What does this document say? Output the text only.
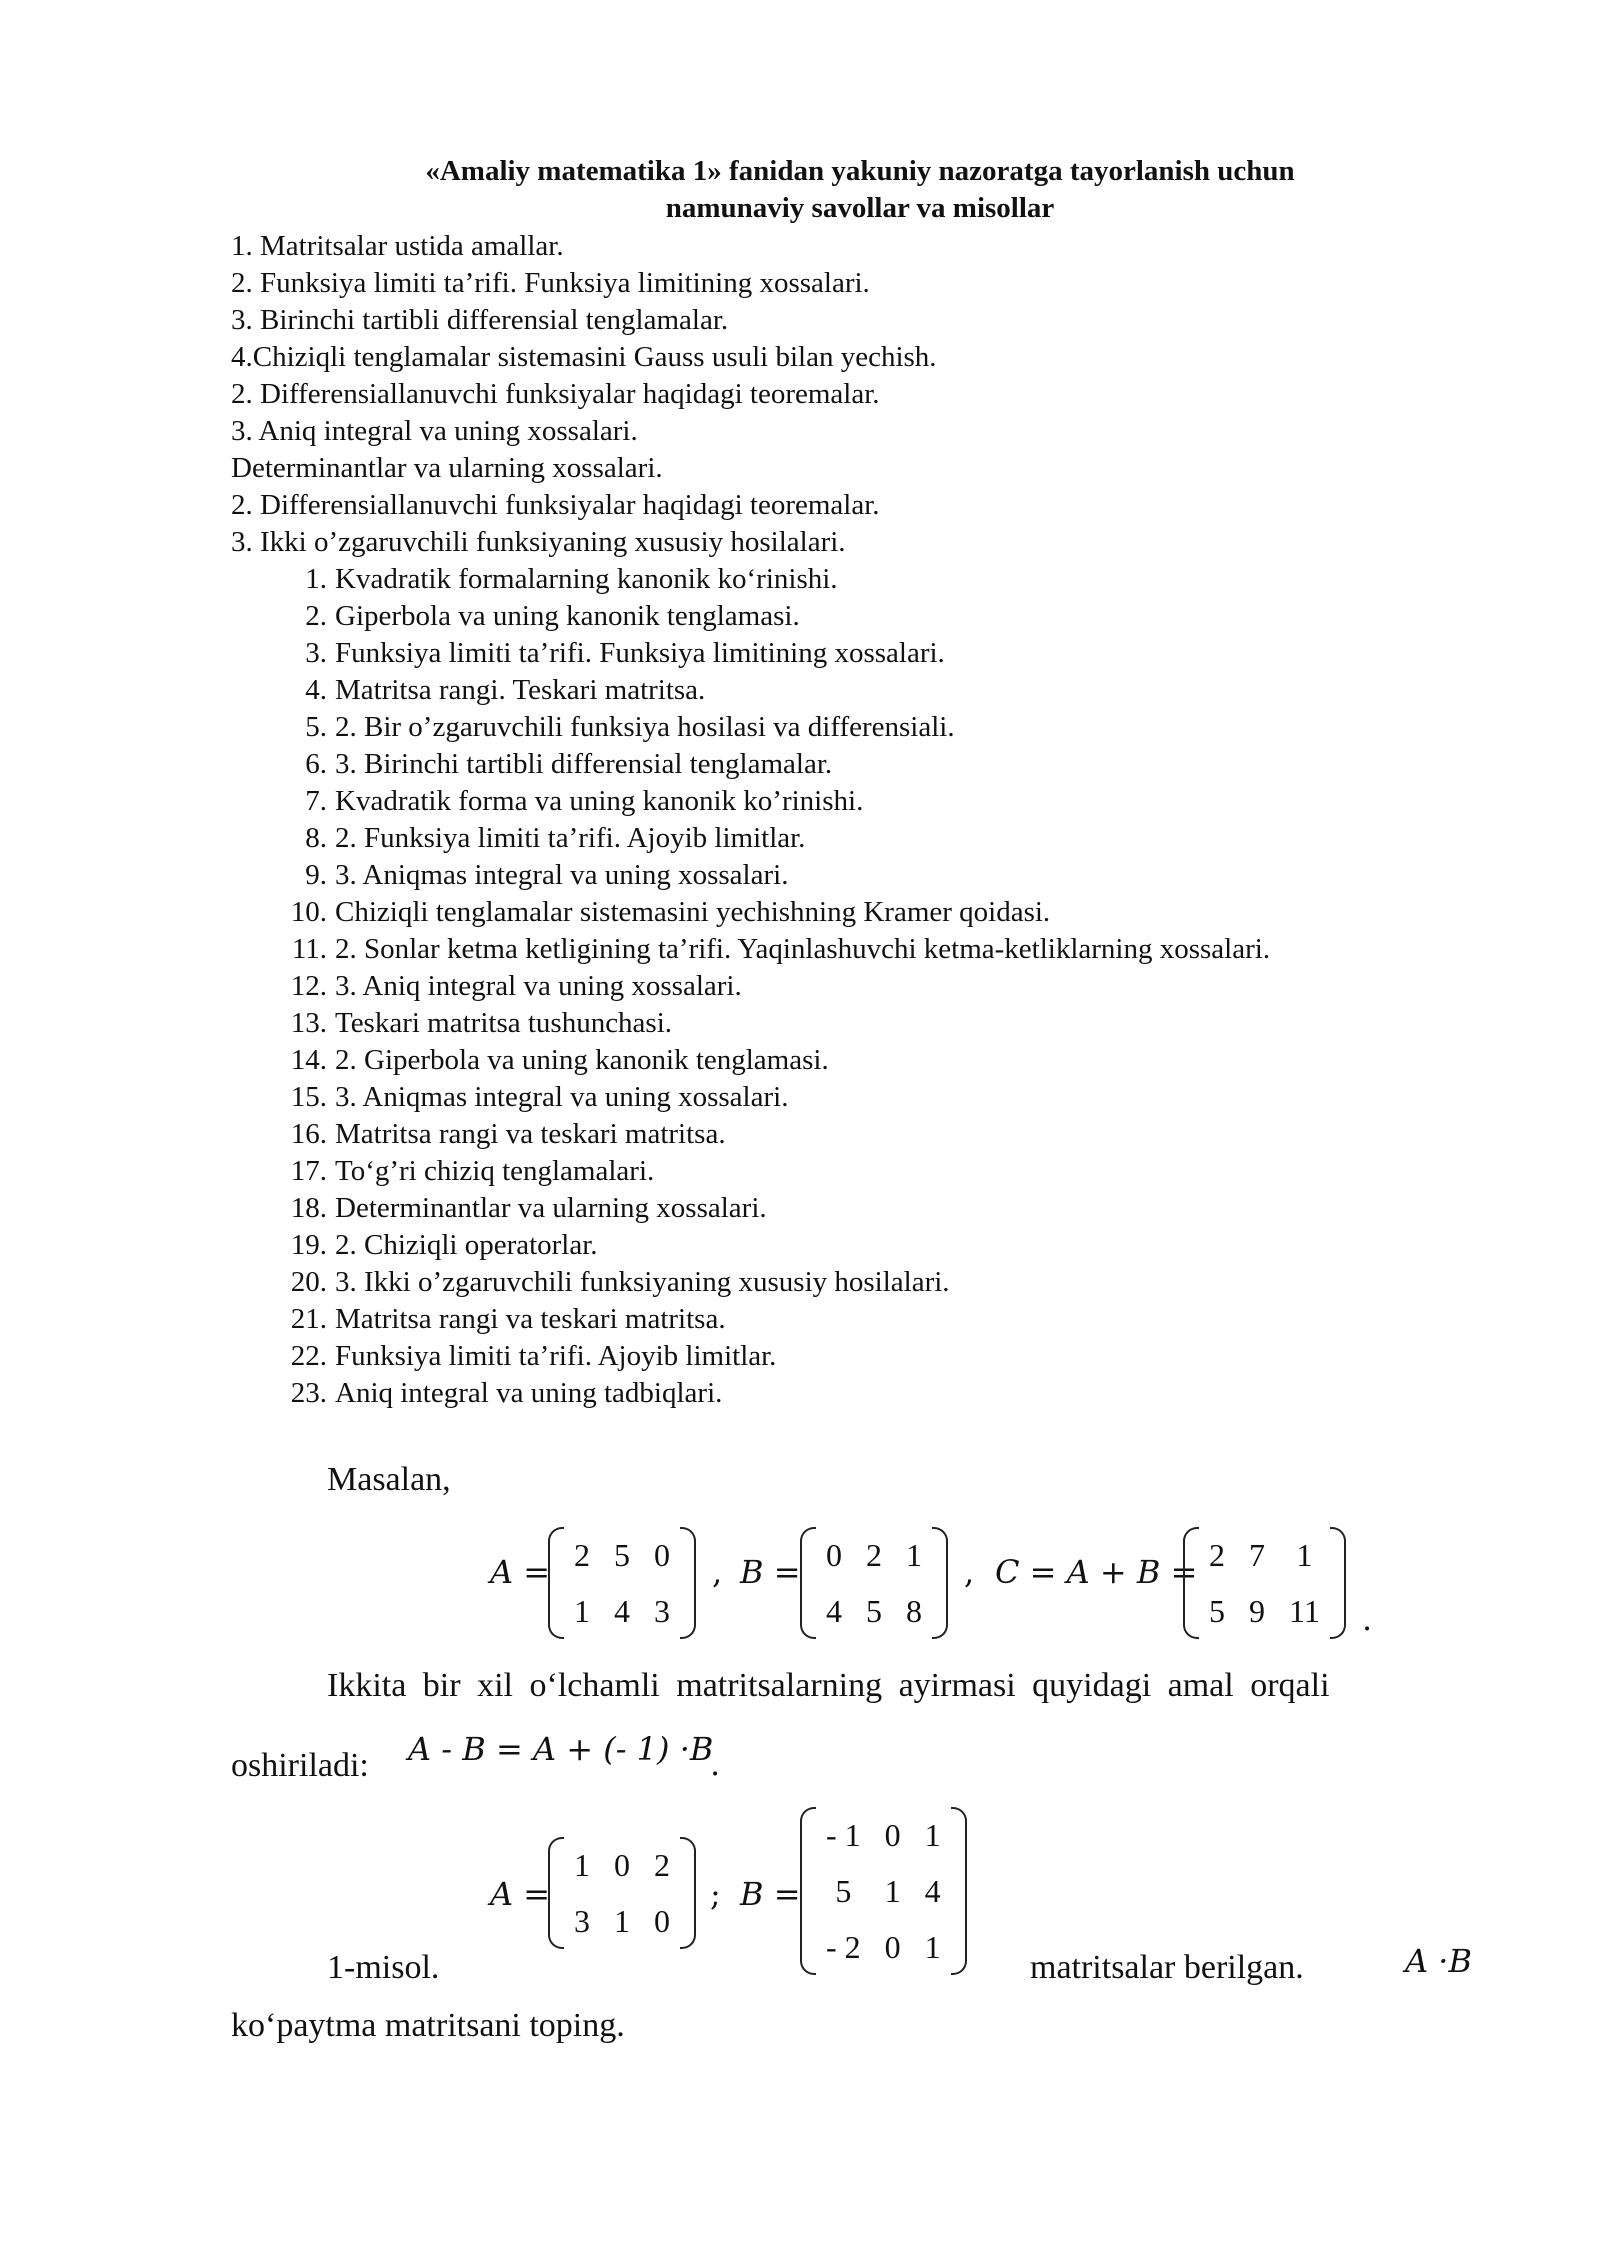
«Amaliy matematika 1» fanidan yakuniy nazoratga tayorlanish uchun
namunaviy savollar va misollar
1. Matritsalar ustida amallar.
2. Funksiya limiti ta’rifi. Funksiya limitining xossalari.
3. Birinchi tartibli differensial tenglamalar.
4.Chiziqli tenglamalar sistemasini Gauss usuli bilan yechish.
2. Differensiallanuvchi funksiyalar haqidagi teoremalar.
3. Aniq integral va uning xossalari.
Determinantlar va ularning xossalari.
2. Differensiallanuvchi funksiyalar haqidagi teoremalar.
3. Ikki o’zgaruvchili funksiyaning xususiy hosilalari.
1. Kvadratik formalarning kanonik ko‘rinishi.
2. Giperbola va uning kanonik tenglamasi.
3. Funksiya limiti ta’rifi. Funksiya limitining xossalari.
4. Matritsa rangi. Teskari matritsa.
5. 2. Bir o’zgaruvchili funksiya hosilasi va differensiali.
6. 3. Birinchi tartibli differensial tenglamalar.
7. Kvadratik forma va uning kanonik ko’rinishi.
8. 2. Funksiya limiti ta’rifi. Ajoyib limitlar.
9. 3. Aniqmas integral va uning xossalari.
10. Chiziqli tenglamalar sistemasini yechishning Kramer qoidasi.
11. 2. Sonlar ketma ketligining ta’rifi. Yaqinlashuvchi ketma-ketliklarning xossalari.
12. 3. Aniq integral va uning xossalari.
13. Teskari matritsa tushunchasi.
14. 2. Giperbola va uning kanonik tenglamasi.
15. 3. Aniqmas integral va uning xossalari.
16. Matritsa rangi va teskari matritsa.
17. To‘g’ri chiziq tenglamalari.
18. Determinantlar va ularning xossalari.
19. 2. Chiziqli operatorlar.
20. 3. Ikki o’zgaruvchili funksiyaning xususiy hosilalari.
21. Matritsa rangi va teskari matritsa.
22. Funksiya limiti ta’rifi. Ajoyib limitlar.
23. Aniq integral va uning tadbiqlari.
Masalan,
A = 2	5	0
1	4	3
, B = 0	2	1
4	5	8
, C = A + B = 2	7	1
5	9	11 .
Ikkita bir xil o‘lchamli matritsalarning ayirmasi quyidagi amal orqali
oshiriladi: A - B = A + (- 1) ·B
.
A =
1	0	2
3	1	0
; B =
- 1	0	1
5	1	4
- 2	0	1
1-misol.	matritsalar berilgan.	A ·B
ko‘paytma matritsani toping.
